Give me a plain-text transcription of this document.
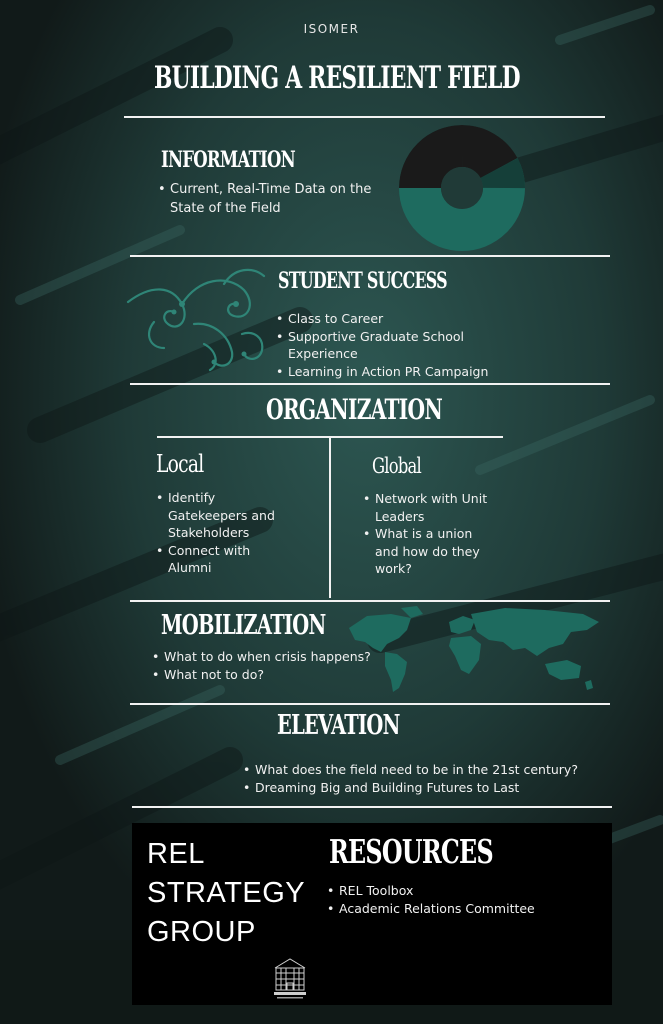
ISOMER
BUILDING A RESILIENT FIELD
INFORMATION
• Current, Real-Time Data on the State of the Field
STUDENT SUCCESS
• Class to Career
• Supportive Graduate School Experience
• Learning in Action PR Campaign
ORGANIZATION
Local
• Identify Gatekeepers and Stakeholders
• Connect with Alumni
Global
• Network with Unit Leaders
• What is a union and how do they work?
MOBILIZATION
• What to do when crisis happens?
• What not to do?
ELEVATION
• What does the field need to be in the 21st century?
• Dreaming Big and Building Futures to Last
REL
STRATEGY
GROUP
RESOURCES
• REL Toolbox
• Academic Relations Committee
